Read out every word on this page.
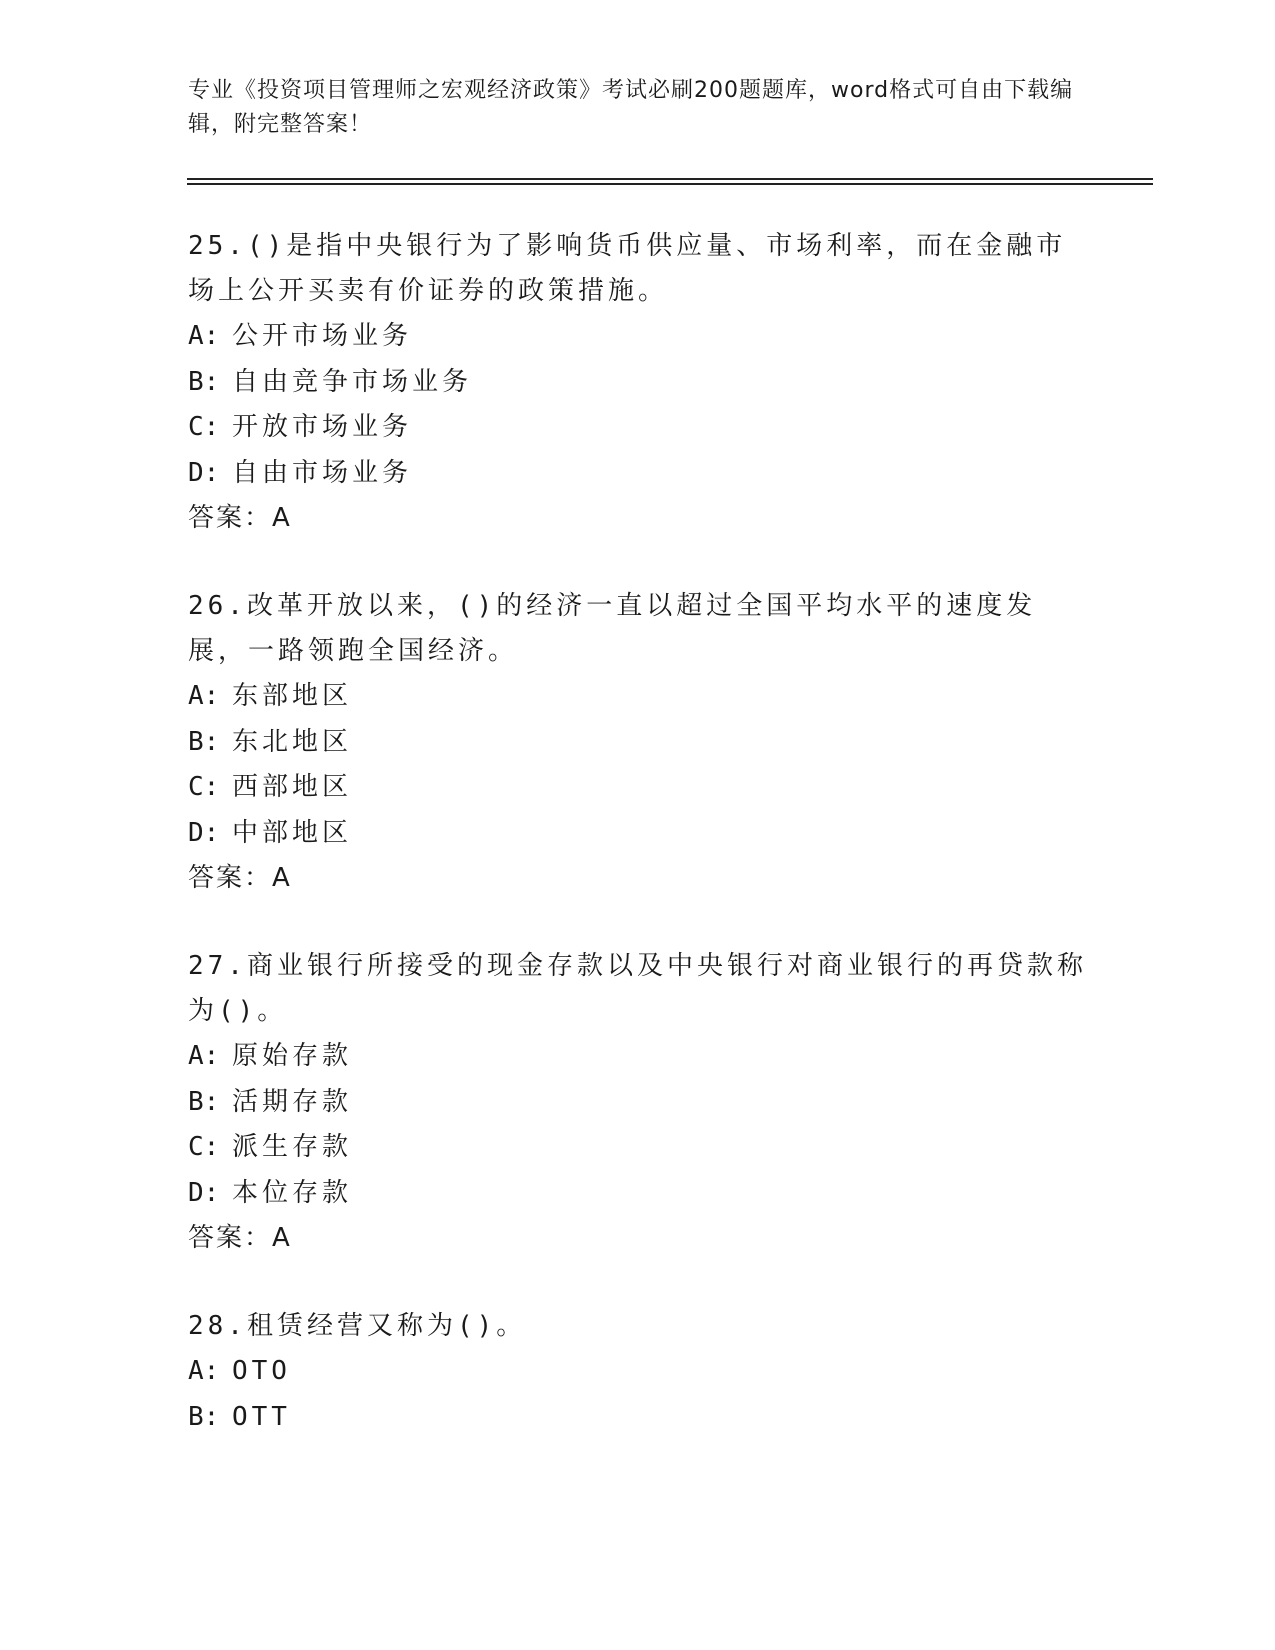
专业《投资项目管理师之宏观经济政策》考试必刷200题题库，word格式可自由下载编辑，附完整答案！

25.()是指中央银行为了影响货币供应量、市场利率，而在金融市场上公开买卖有价证券的政策措施。

A: 公开市场业务

B: 自由竞争市场业务

C: 开放市场业务

D: 自由市场业务

答案：A

26.改革开放以来，()的经济一直以超过全国平均水平的速度发展，一路领跑全国经济。

A: 东部地区

B: 东北地区

C: 西部地区

D: 中部地区

答案：A

27.商业银行所接受的现金存款以及中央银行对商业银行的再贷款称为()。

A: 原始存款

B: 活期存款

C: 派生存款

D: 本位存款

答案：A

28.租赁经营又称为()。

A: OTO

B: OTT
